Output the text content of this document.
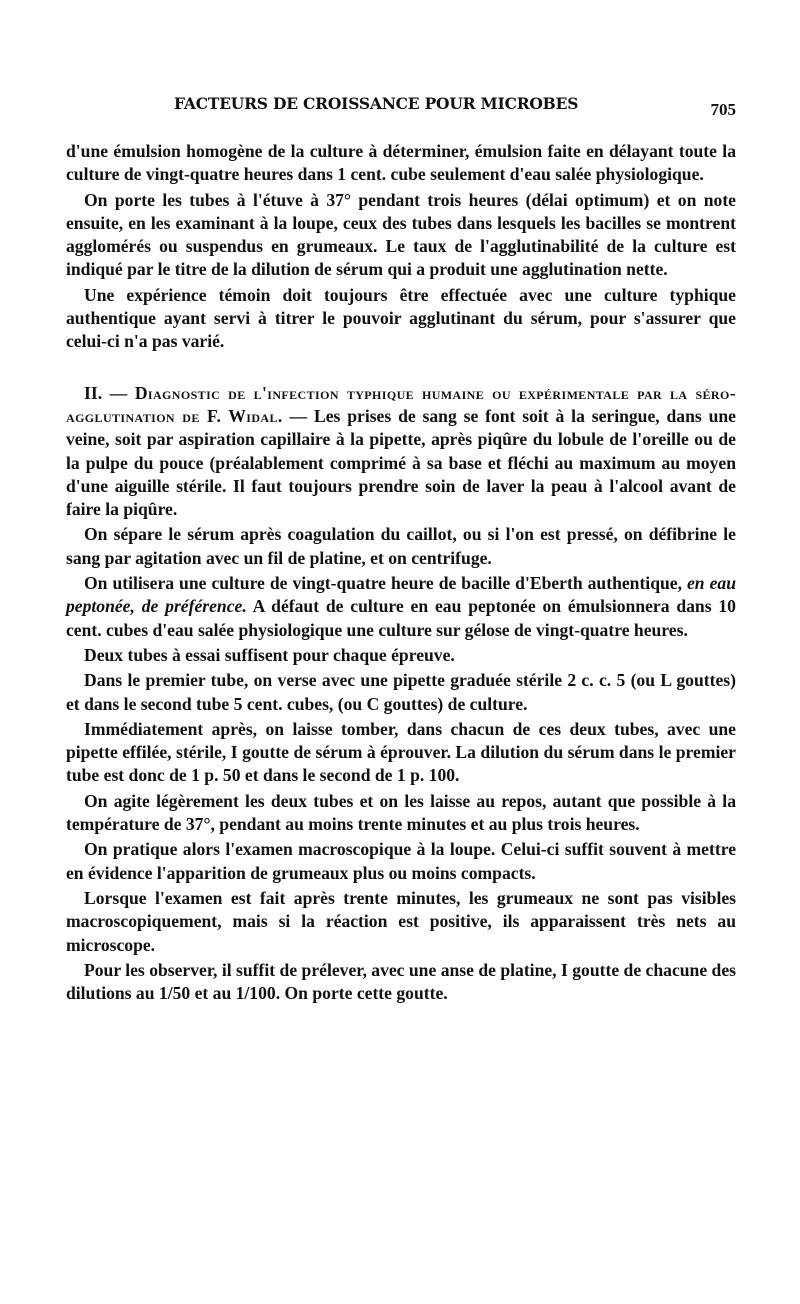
FACTEURS DE CROISSANCE POUR MICROBES	705

d'une émulsion homogène de la culture à déterminer, émulsion faite en délayant toute la culture de vingt-quatre heures dans 1 cent. cube seulement d'eau salée physiologique.

On porte les tubes à l'étuve à 37° pendant trois heures (délai optimum) et on note ensuite, en les examinant à la loupe, ceux des tubes dans lesquels les bacilles se montrent agglomérés ou suspendus en grumeaux. Le taux de l'agglutinabilité de la culture est indiqué par le titre de la dilution de sérum qui a produit une agglutination nette.

Une expérience témoin doit toujours être effectuée avec une culture typhique authentique ayant servi à titrer le pouvoir agglutinant du sérum, pour s'assurer que celui-ci n'a pas varié.

II. — Diagnostic de l'infection typhique humaine ou expérimentale par la séro-agglutination de F. Widal. — Les prises de sang se font soit à la seringue, dans une veine, soit par aspiration capillaire à la pipette, après piqûre du lobule de l'oreille ou de la pulpe du pouce (préalablement comprimé à sa base et fléchi au maximum au moyen d'une aiguille stérile. Il faut toujours prendre soin de laver la peau à l'alcool avant de faire la piqûre.

On sépare le sérum après coagulation du caillot, ou si l'on est pressé, on défibrine le sang par agitation avec un fil de platine, et on centrifuge.

On utilisera une culture de vingt-quatre heure de bacille d'Eberth authentique, en eau peptonée, de préférence. A défaut de culture en eau peptonée on émulsionnera dans 10 cent. cubes d'eau salée physiologique une culture sur gélose de vingt-quatre heures.

Deux tubes à essai suffisent pour chaque épreuve.

Dans le premier tube, on verse avec une pipette graduée stérile 2 c. c. 5 (ou L gouttes) et dans le second tube 5 cent. cubes, (ou C gouttes) de culture.

Immédiatement après, on laisse tomber, dans chacun de ces deux tubes, avec une pipette effilée, stérile, I goutte de sérum à éprouver. La dilution du sérum dans le premier tube est donc de 1 p. 50 et dans le second de 1 p. 100.

On agite légèrement les deux tubes et on les laisse au repos, autant que possible à la température de 37°, pendant au moins trente minutes et au plus trois heures.

On pratique alors l'examen macroscopique à la loupe. Celui-ci suffit souvent à mettre en évidence l'apparition de grumeaux plus ou moins compacts.

Lorsque l'examen est fait après trente minutes, les grumeaux ne sont pas visibles macroscopiquement, mais si la réaction est positive, ils apparaissent très nets au microscope.

Pour les observer, il suffit de prélever, avec une anse de platine, I goutte de chacune des dilutions au 1/50 et au 1/100. On porte cette goutte.
